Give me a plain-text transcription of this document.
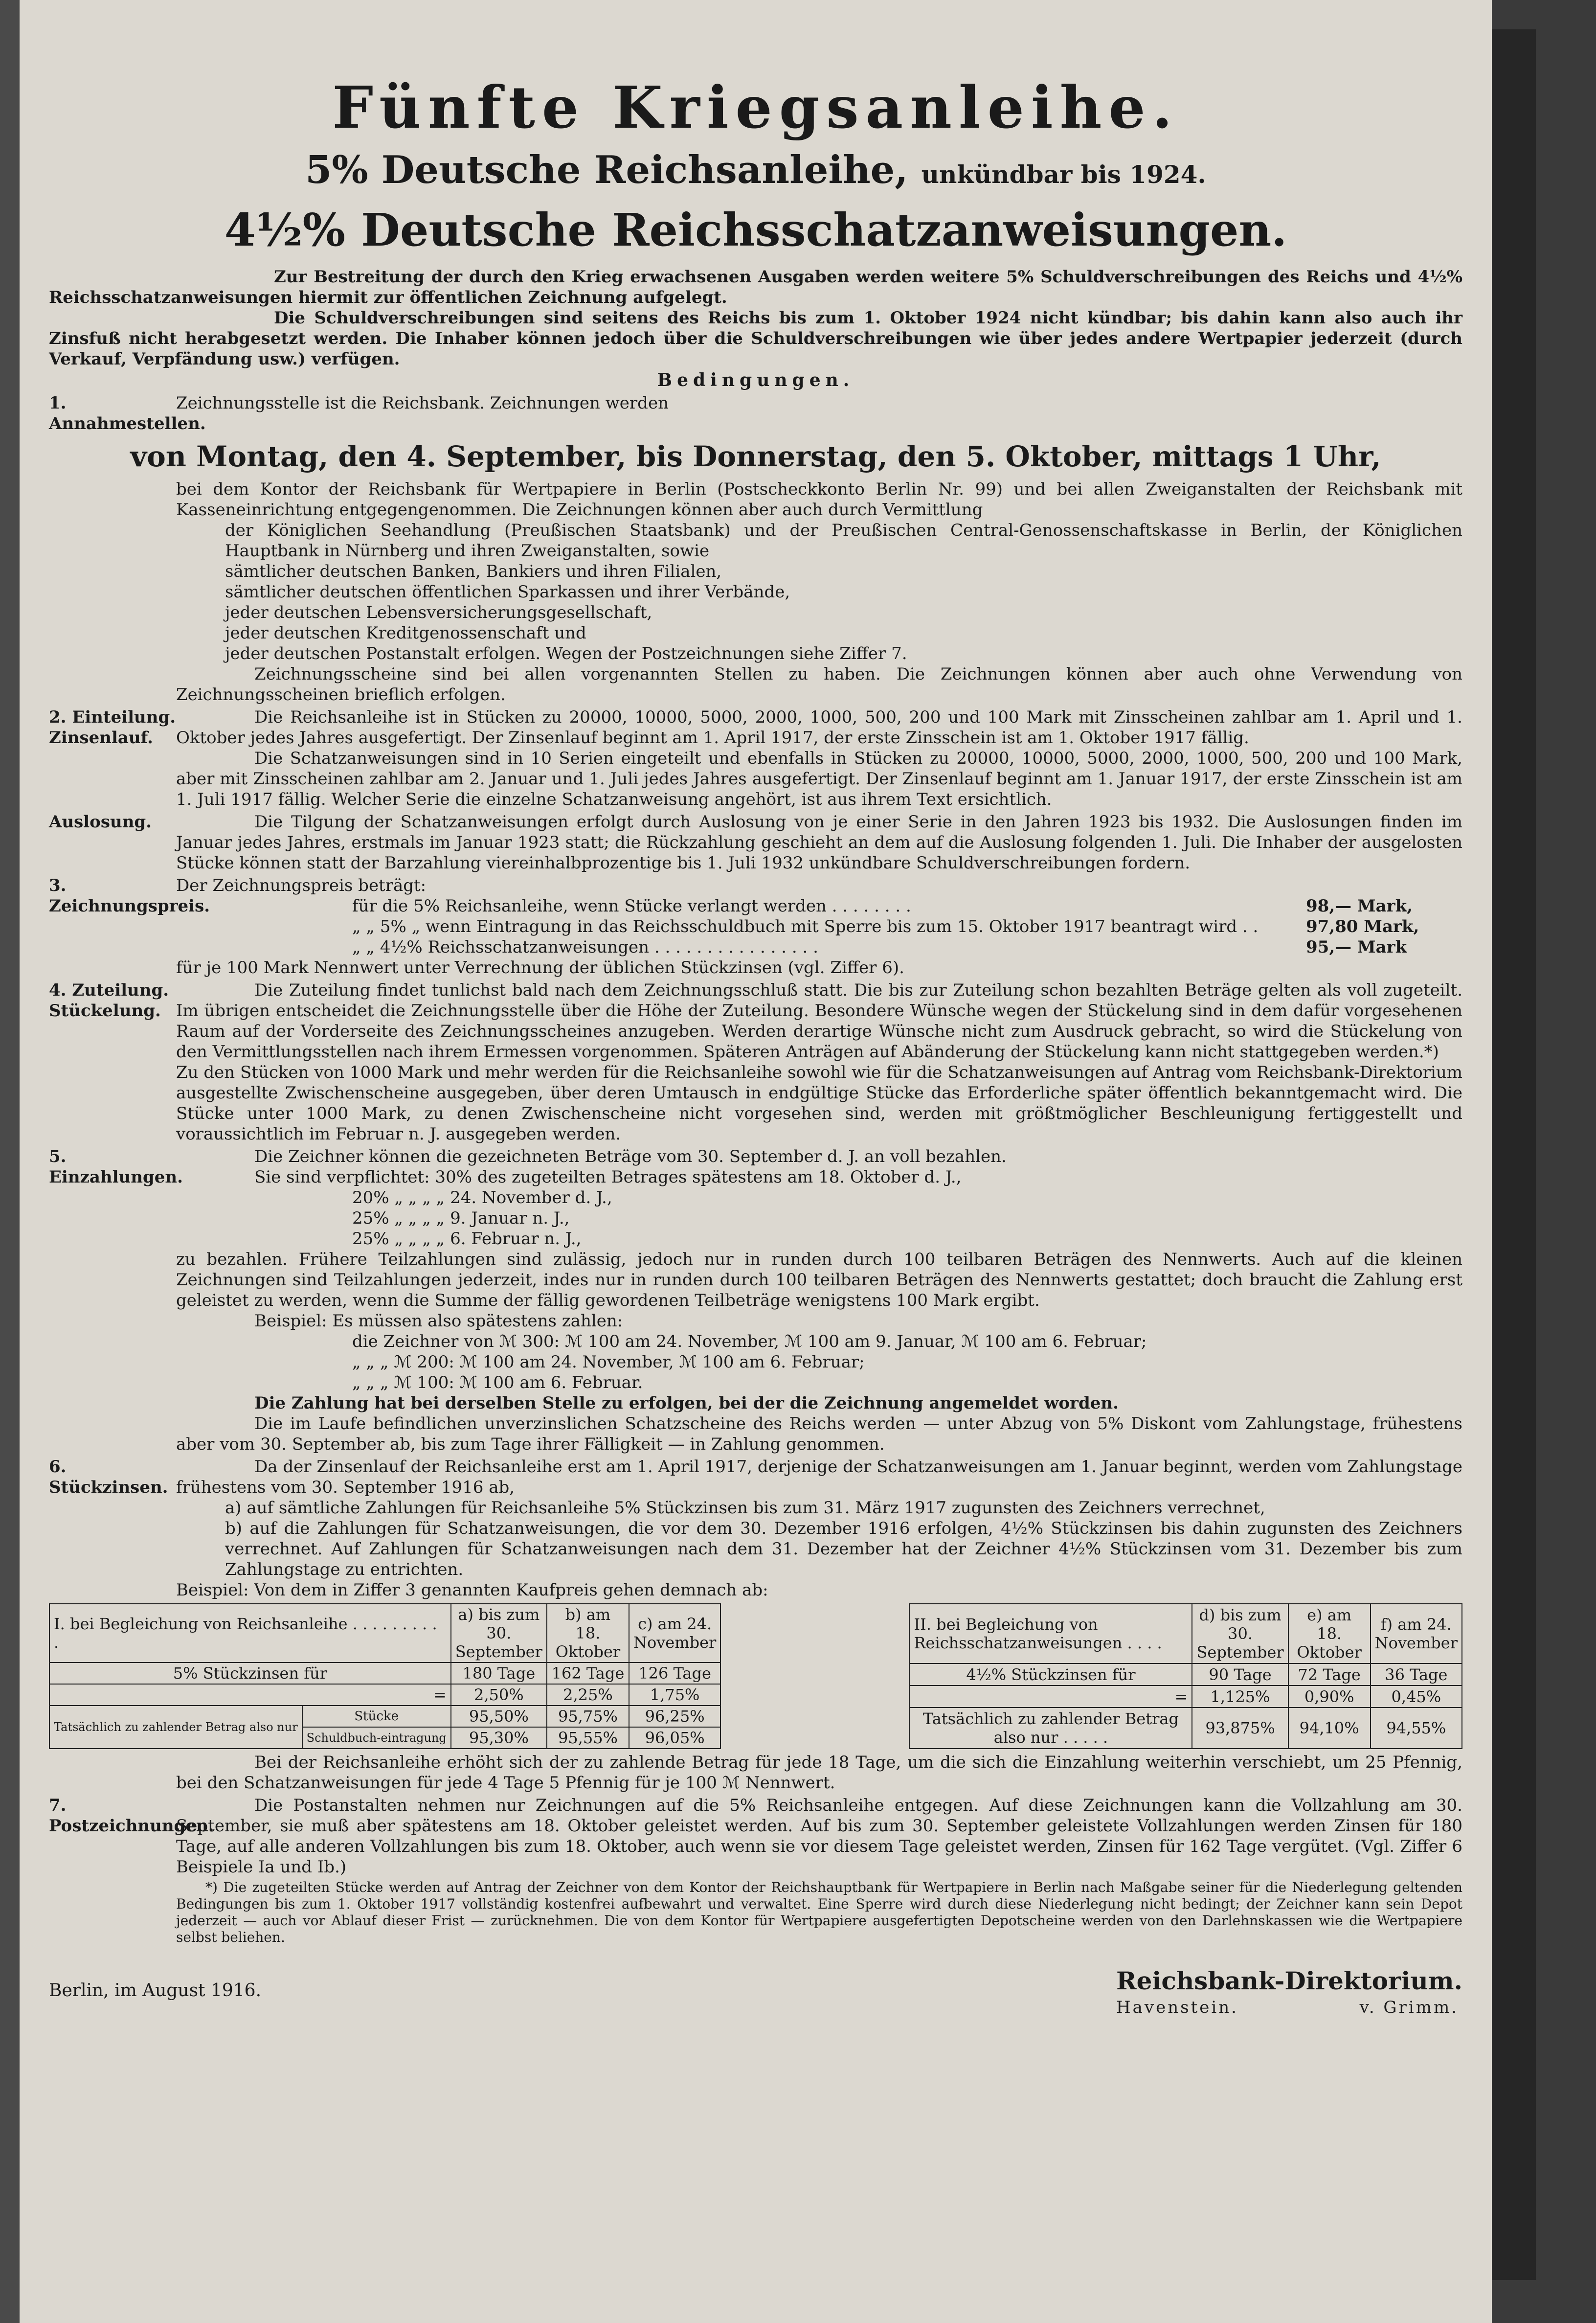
Fünfte Kriegsanleihe.
5% Deutsche Reichsanleihe, unkündbar bis 1924.
4½% Deutsche Reichsschatzanweisungen.

Zur Bestreitung der durch den Krieg erwachsenen Ausgaben werden weitere 5% Schuldverschreibungen des Reichs und 4½% Reichsschatzanweisungen hiermit zur öffentlichen Zeichnung aufgelegt.

Die Schuldverschreibungen sind seitens des Reichs bis zum 1. Oktober 1924 nicht kündbar; bis dahin kann also auch ihr Zinsfuß nicht herabgesetzt werden. Die Inhaber können jedoch über die Schuldverschreibungen wie über jedes andere Wertpapier jederzeit (durch Verkauf, Verpfändung usw.) verfügen.

Bedingungen.
1. Annahmestellen.

Zeichnungsstelle ist die Reichsbank. Zeichnungen werden

von Montag, den 4. September, bis Donnerstag, den 5. Oktober, mittags 1 Uhr,

bei dem Kontor der Reichsbank für Wertpapiere in Berlin (Postscheckkonto Berlin Nr. 99) und bei allen Zweiganstalten der Reichsbank mit Kasseneinrichtung entgegengenommen. Die Zeichnungen können aber auch durch Vermittlung

der Königlichen Seehandlung (Preußischen Staatsbank) und der Preußischen Central-Genossenschaftskasse in Berlin, der Königlichen Hauptbank in Nürnberg und ihren Zweiganstalten, sowie

sämtlicher deutschen Banken, Bankiers und ihren Filialen,

sämtlicher deutschen öffentlichen Sparkassen und ihrer Verbände,

jeder deutschen Lebensversicherungsgesellschaft,

jeder deutschen Kreditgenossenschaft und

jeder deutschen Postanstalt erfolgen. Wegen der Postzeichnungen siehe Ziffer 7.

Zeichnungsscheine sind bei allen vorgenannten Stellen zu haben. Die Zeichnungen können aber auch ohne Verwendung von Zeichnungsscheinen brieflich erfolgen.

2. Einteilung. Zinsenlauf.

Die Reichsanleihe ist in Stücken zu 20000, 10000, 5000, 2000, 1000, 500, 200 und 100 Mark mit Zinsscheinen zahlbar am 1. April und 1. Oktober jedes Jahres ausgefertigt. Der Zinsenlauf beginnt am 1. April 1917, der erste Zinsschein ist am 1. Oktober 1917 fällig.

Die Schatzanweisungen sind in 10 Serien eingeteilt und ebenfalls in Stücken zu 20000, 10000, 5000, 2000, 1000, 500, 200 und 100 Mark, aber mit Zinsscheinen zahlbar am 2. Januar und 1. Juli jedes Jahres ausgefertigt. Der Zinsenlauf beginnt am 1. Januar 1917, der erste Zinsschein ist am 1. Juli 1917 fällig. Welcher Serie die einzelne Schatzanweisung angehört, ist aus ihrem Text ersichtlich.

Auslosung.	Die Tilgung der Schatzanweisungen erfolgt durch Auslosung von je einer Serie in den Jahren 1923 bis 1932. Die Auslosungen finden im Januar jedes Jahres, erstmals im Januar 1923 statt; die Rückzahlung geschieht an dem auf die Auslosung folgenden 1. Juli. Die Inhaber der ausgelosten Stücke können statt der Barzahlung viereinhalbprozentige bis 1. Juli 1932 unkündbare Schuldverschreibungen fordern.

3. Zeichnungspreis.

Der Zeichnungspreis beträgt:

für die 5% Reichsanleihe, wenn Stücke verlangt werden . . . . . . . .	98,— Mark,
„ „ 5% „ wenn Eintragung in das Reichsschuldbuch mit Sperre bis zum 15. Oktober 1917 beantragt wird . .	97,80 Mark,
„ „ 4½% Reichsschatzanweisungen . . . . . . . . . . . . . . . .	95,— Mark

für je 100 Mark Nennwert unter Verrechnung der üblichen Stückzinsen (vgl. Ziffer 6).

4. Zuteilung. Stückelung.

Die Zuteilung findet tunlichst bald nach dem Zeichnungsschluß statt. Die bis zur Zuteilung schon bezahlten Beträge gelten als voll zugeteilt. Im übrigen entscheidet die Zeichnungsstelle über die Höhe der Zuteilung. Besondere Wünsche wegen der Stückelung sind in dem dafür vorgesehenen Raum auf der Vorderseite des Zeichnungsscheines anzugeben. Werden derartige Wünsche nicht zum Ausdruck gebracht, so wird die Stückelung von den Vermittlungsstellen nach ihrem Ermessen vorgenommen. Späteren Anträgen auf Abänderung der Stückelung kann nicht stattgegeben werden.*)

Zu den Stücken von 1000 Mark und mehr werden für die Reichsanleihe sowohl wie für die Schatzanweisungen auf Antrag vom Reichsbank-Direktorium ausgestellte Zwischenscheine ausgegeben, über deren Umtausch in endgültige Stücke das Erforderliche später öffentlich bekanntgemacht wird. Die Stücke unter 1000 Mark, zu denen Zwischenscheine nicht vorgesehen sind, werden mit größtmöglicher Beschleunigung fertiggestellt und voraussichtlich im Februar n. J. ausgegeben werden.

5. Einzahlungen.

Die Zeichner können die gezeichneten Beträge vom 30. September d. J. an voll bezahlen.

Sie sind verpflichtet: 30% des zugeteilten Betrages spätestens am 18. Oktober d. J.,

20% „ „ „ „ 24. November d. J.,

25% „ „ „ „ 9. Januar n. J.,

25% „ „ „ „ 6. Februar n. J.,

zu bezahlen. Frühere Teilzahlungen sind zulässig, jedoch nur in runden durch 100 teilbaren Beträgen des Nennwerts. Auch auf die kleinen Zeichnungen sind Teilzahlungen jederzeit, indes nur in runden durch 100 teilbaren Beträgen des Nennwerts gestattet; doch braucht die Zahlung erst geleistet zu werden, wenn die Summe der fällig gewordenen Teilbeträge wenigstens 100 Mark ergibt.

Beispiel: Es müssen also spätestens zahlen:

die Zeichner von ℳ 300: ℳ 100 am 24. November, ℳ 100 am 9. Januar, ℳ 100 am 6. Februar;

„ „ „ ℳ 200: ℳ 100 am 24. November, ℳ 100 am 6. Februar;

„ „ „ ℳ 100: ℳ 100 am 6. Februar.

Die Zahlung hat bei derselben Stelle zu erfolgen, bei der die Zeichnung angemeldet worden.

Die im Laufe befindlichen unverzinslichen Schatzscheine des Reichs werden — unter Abzug von 5% Diskont vom Zahlungstage, frühestens aber vom 30. September ab, bis zum Tage ihrer Fälligkeit — in Zahlung genommen.

6. Stückzinsen.

Da der Zinsenlauf der Reichsanleihe erst am 1. April 1917, derjenige der Schatzanweisungen am 1. Januar beginnt, werden vom Zahlungstage frühestens vom 30. September 1916 ab,

a) auf sämtliche Zahlungen für Reichsanleihe 5% Stückzinsen bis zum 31. März 1917 zugunsten des Zeichners verrechnet,

b) auf die Zahlungen für Schatzanweisungen, die vor dem 30. Dezember 1916 erfolgen, 4½% Stückzinsen bis dahin zugunsten des Zeichners verrechnet. Auf Zahlungen für Schatzanweisungen nach dem 31. Dezember hat der Zeichner 4½% Stückzinsen vom 31. Dezember bis zum Zahlungstage zu entrichten.

Beispiel: Von dem in Ziffer 3 genannten Kaufpreis gehen demnach ab:

I. bei Begleichung von Reichsanleihe . . . . . . . . . .		a) bis zum 30. September	b) am 18. Oktober	c) am 24. November
5% Stückzinsen für		180 Tage	162 Tage	126 Tage
=		2,50%	2,25%	1,75%
Tatsächlich zu zahlender Betrag also nur	Stücke	95,50%	95,75%	96,25%
	Schuldbuch-eintragung	95,30%	95,55%	96,05%
II. bei Begleichung von Reichsschatzanweisungen . . . .	d) bis zum 30. September	e) am 18. Oktober	f) am 24. November
4½% Stückzinsen für	90 Tage	72 Tage	36 Tage
=	1,125%	0,90%	0,45%
Tatsächlich zu zahlender Betrag also nur . . . . .	93,875%	94,10%	94,55%

Bei der Reichsanleihe erhöht sich der zu zahlende Betrag für jede 18 Tage, um die sich die Einzahlung weiterhin verschiebt, um 25 Pfennig, bei den Schatzanweisungen für jede 4 Tage 5 Pfennig für je 100 ℳ Nennwert.

7. Postzeichnungen.

Die Postanstalten nehmen nur Zeichnungen auf die 5% Reichsanleihe entgegen. Auf diese Zeichnungen kann die Vollzahlung am 30. September, sie muß aber spätestens am 18. Oktober geleistet werden. Auf bis zum 30. September geleistete Vollzahlungen werden Zinsen für 180 Tage, auf alle anderen Vollzahlungen bis zum 18. Oktober, auch wenn sie vor diesem Tage geleistet werden, Zinsen für 162 Tage vergütet. (Vgl. Ziffer 6 Beispiele Ia und Ib.)

*) Die zugeteilten Stücke werden auf Antrag der Zeichner von dem Kontor der Reichshauptbank für Wertpapiere in Berlin nach Maßgabe seiner für die Niederlegung geltenden Bedingungen bis zum 1. Oktober 1917 vollständig kostenfrei aufbewahrt und verwaltet. Eine Sperre wird durch diese Niederlegung nicht bedingt; der Zeichner kann sein Depot jederzeit — auch vor Ablauf dieser Frist — zurücknehmen. Die von dem Kontor für Wertpapiere ausgefertigten Depotscheine werden von den Darlehnskassen wie die Wertpapiere selbst beliehen.

Berlin, im August 1916.	Reichsbank-Direktorium.
Havenstein.	v. Grimm.
